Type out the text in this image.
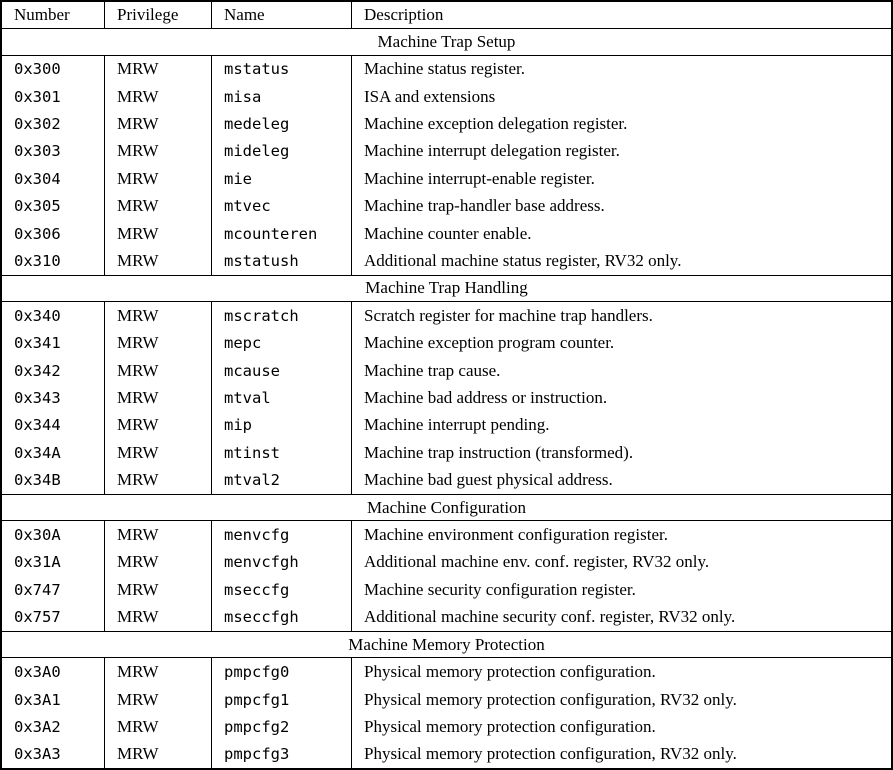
Number	Privilege	Name	Description
Machine Trap Setup
0x300	MRW	mstatus	Machine status register.
0x301	MRW	misa	ISA and extensions
0x302	MRW	medeleg	Machine exception delegation register.
0x303	MRW	mideleg	Machine interrupt delegation register.
0x304	MRW	mie	Machine interrupt-enable register.
0x305	MRW	mtvec	Machine trap-handler base address.
0x306	MRW	mcounteren	Machine counter enable.
0x310	MRW	mstatush	Additional machine status register, RV32 only.
Machine Trap Handling
0x340	MRW	mscratch	Scratch register for machine trap handlers.
0x341	MRW	mepc	Machine exception program counter.
0x342	MRW	mcause	Machine trap cause.
0x343	MRW	mtval	Machine bad address or instruction.
0x344	MRW	mip	Machine interrupt pending.
0x34A	MRW	mtinst	Machine trap instruction (transformed).
0x34B	MRW	mtval2	Machine bad guest physical address.
Machine Configuration
0x30A	MRW	menvcfg	Machine environment configuration register.
0x31A	MRW	menvcfgh	Additional machine env. conf. register, RV32 only.
0x747	MRW	mseccfg	Machine security configuration register.
0x757	MRW	mseccfgh	Additional machine security conf. register, RV32 only.
Machine Memory Protection
0x3A0	MRW	pmpcfg0	Physical memory protection configuration.
0x3A1	MRW	pmpcfg1	Physical memory protection configuration, RV32 only.
0x3A2	MRW	pmpcfg2	Physical memory protection configuration.
0x3A3	MRW	pmpcfg3	Physical memory protection configuration, RV32 only.
